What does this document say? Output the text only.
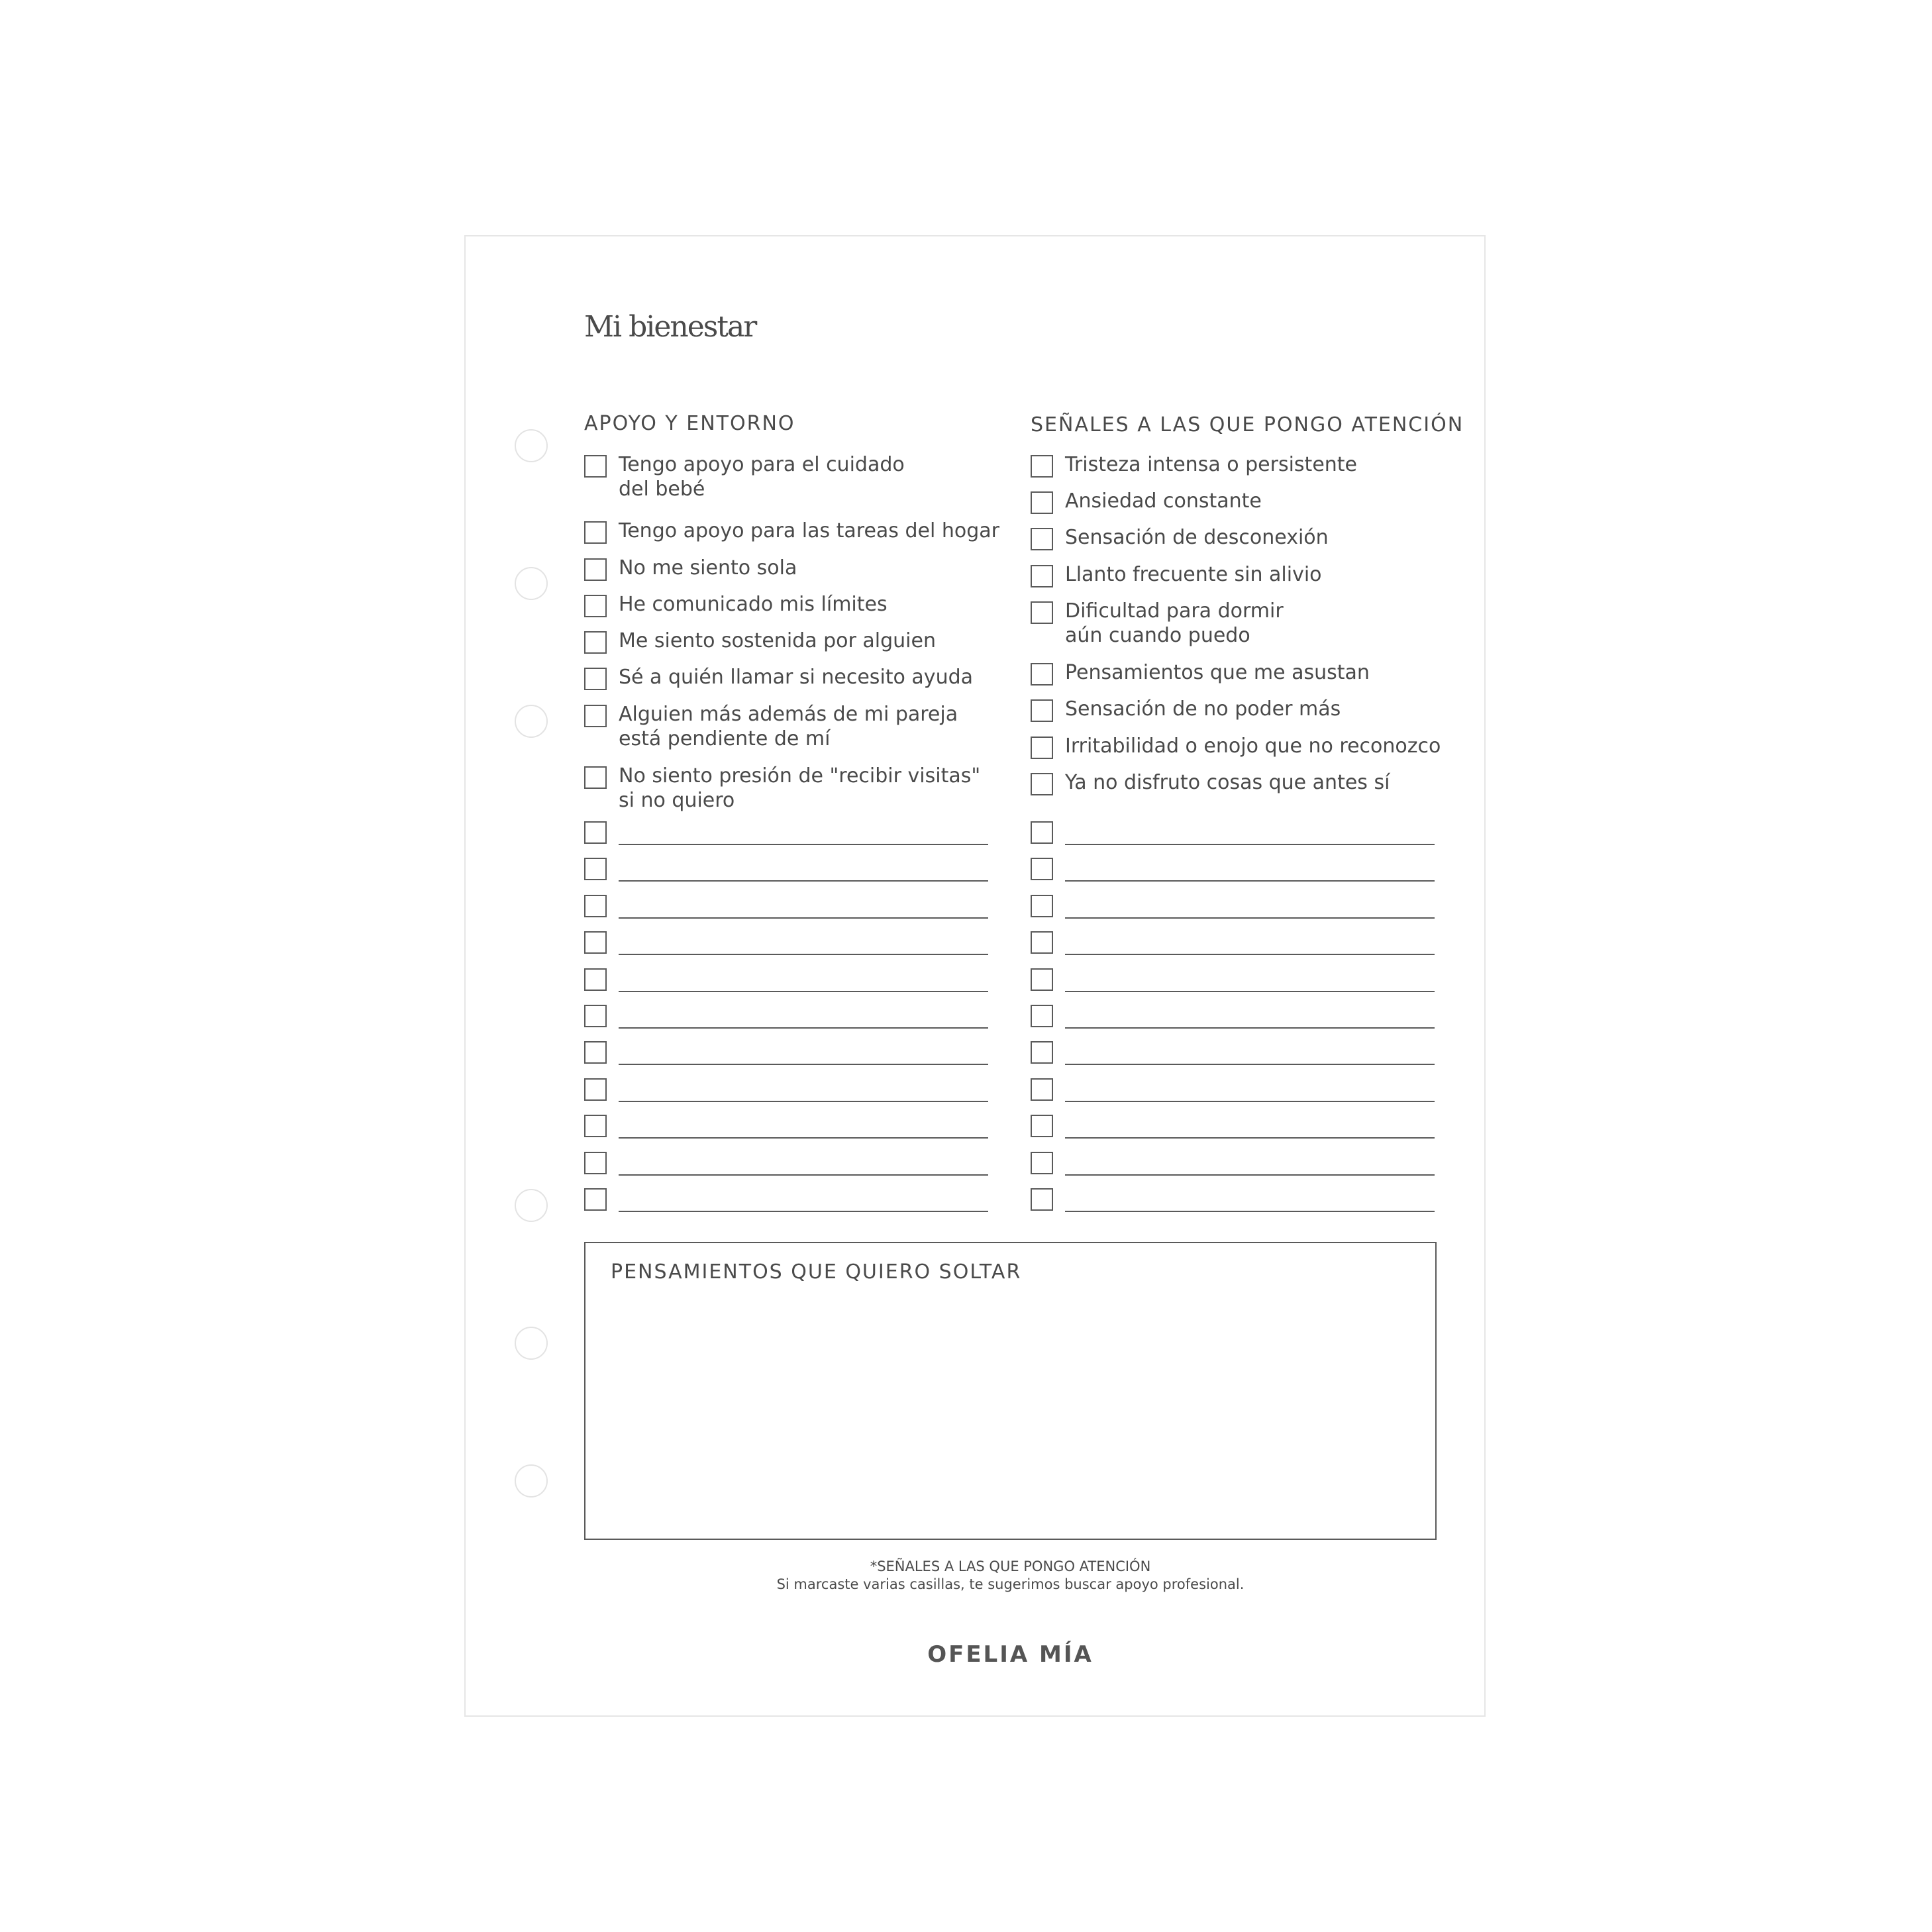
Mi bienestar
APOYO Y ENTORNO
Tengo apoyo para el cuidado
del bebé
Tengo apoyo para las tareas del hogar
No me siento sola
He comunicado mis límites
Me siento sostenida por alguien
Sé a quién llamar si necesito ayuda
Alguien más además de mi pareja
está pendiente de mí
No siento presión de "recibir visitas"
si no quiero
SEÑALES A LAS QUE PONGO ATENCIÓN
Tristeza intensa o persistente
Ansiedad constante
Sensación de desconexión
Llanto frecuente sin alivio
Dificultad para dormir
aún cuando puedo
Pensamientos que me asustan
Sensación de no poder más
Irritabilidad o enojo que no reconozco
Ya no disfruto cosas que antes sí
PENSAMIENTOS QUE QUIERO SOLTAR
*SEÑALES A LAS QUE PONGO ATENCIÓN
Si marcaste varias casillas, te sugerimos buscar apoyo profesional.
OFELIA MÍA
